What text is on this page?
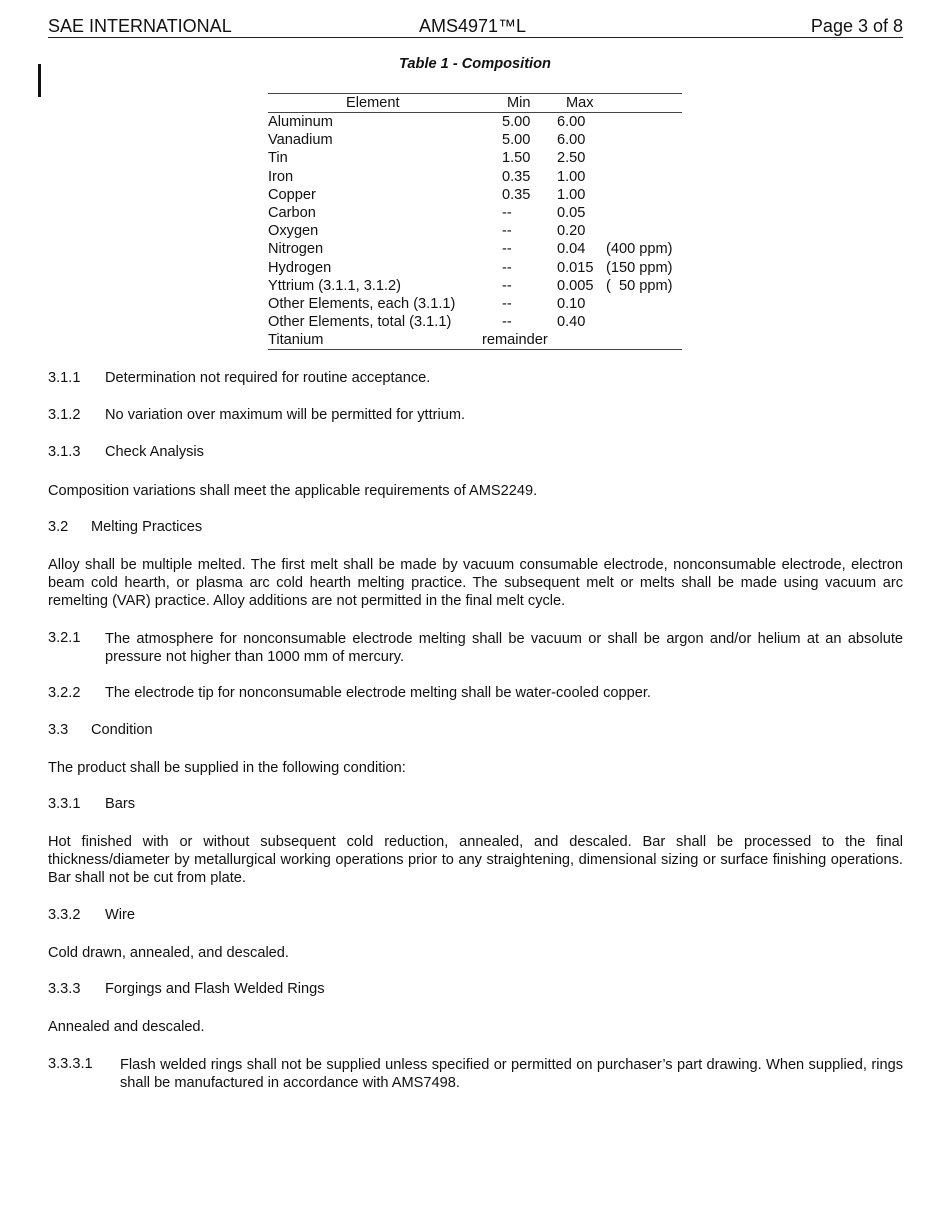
SAE INTERNATIONAL	AMS4971™L	Page 3 of 8
Table 1 - Composition
Element	Min Max
Aluminum	5.00 6.00
Vanadium	5.00 6.00
Tin	1.50 2.50
Iron	0.35 1.00
Copper	0.35 1.00
Carbon	--	0.05
Oxygen	--	0.20
Nitrogen	--	0.04 (400 ppm)
Hydrogen	--	0.015 (150 ppm)
Yttrium (3.1.1, 3.1.2)	--	0.005 (  50 ppm)
Other Elements, each (3.1.1)	--	0.10
Other Elements, total (3.1.1)	--	0.40
Titanium	remainder
3.1.1 Determination not required for routine acceptance.
3.1.2 No variation over maximum will be permitted for yttrium.
3.1.3 Check Analysis
Composition variations shall meet the applicable requirements of AMS2249.
3.2 Melting Practices
Alloy shall be multiple melted. The first melt shall be made by vacuum consumable electrode, nonconsumable electrode, electron beam cold hearth, or plasma arc cold hearth melting practice. The subsequent melt or melts shall be made using vacuum arc remelting (VAR) practice. Alloy additions are not permitted in the final melt cycle.
3.2.1 The atmosphere for nonconsumable electrode melting shall be vacuum or shall be argon and/or helium at an absolute pressure not higher than 1000 mm of mercury.
3.2.2 The electrode tip for nonconsumable electrode melting shall be water-cooled copper.
3.3 Condition
The product shall be supplied in the following condition:
3.3.1 Bars
Hot finished with or without subsequent cold reduction, annealed, and descaled. Bar shall be processed to the final thickness/diameter by metallurgical working operations prior to any straightening, dimensional sizing or surface finishing operations. Bar shall not be cut from plate.
3.3.2 Wire
Cold drawn, annealed, and descaled.
3.3.3 Forgings and Flash Welded Rings
Annealed and descaled.
3.3.3.1 Flash welded rings shall not be supplied unless specified or permitted on purchaser’s part drawing. When supplied, rings shall be manufactured in accordance with AMS7498.
